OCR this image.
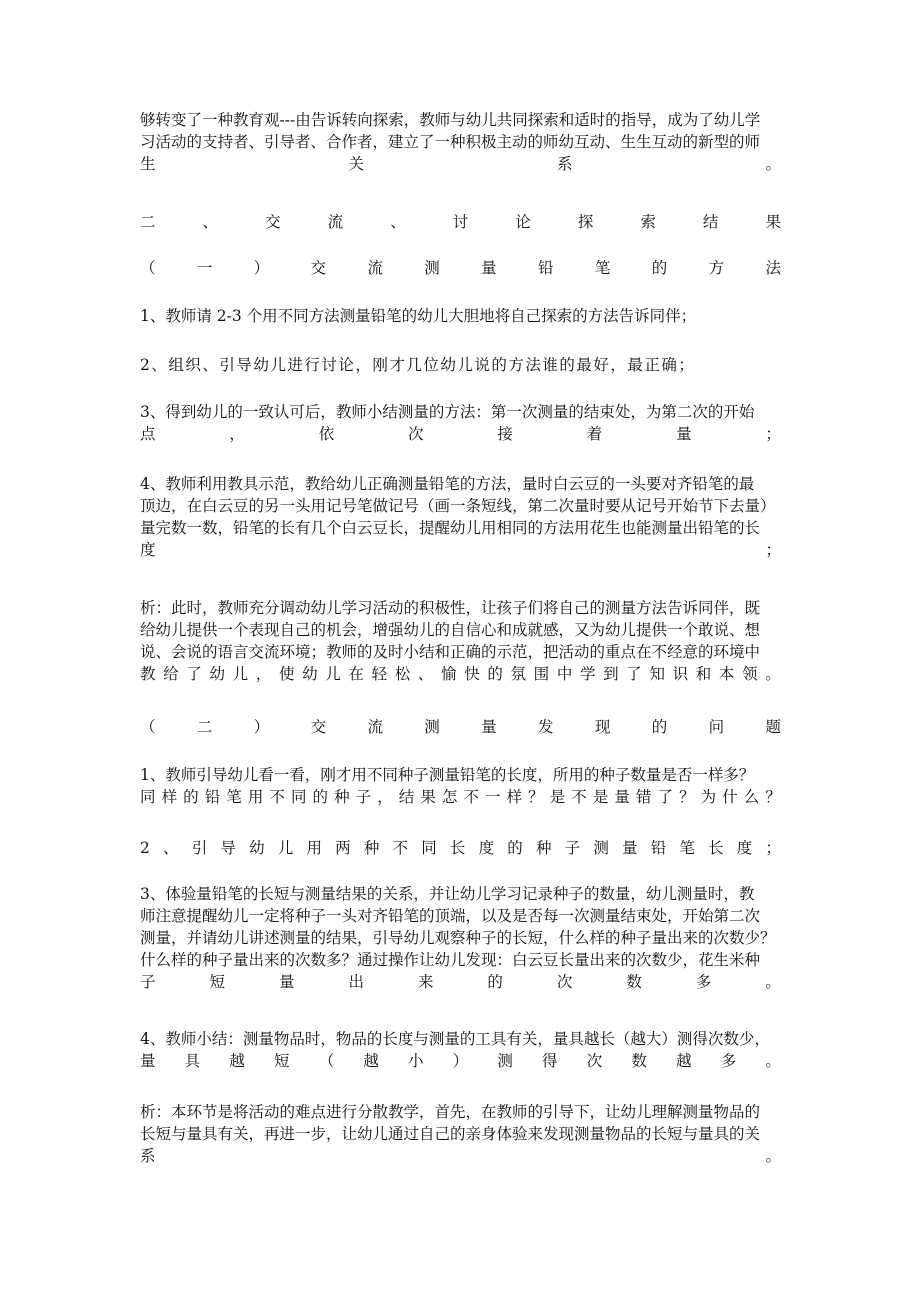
够转变了一种教育观---由告诉转向探索，教师与幼儿共同探索和适时的指导，成为了幼儿学
习活动的支持者、引导者、合作者，建立了一种积极主动的师幼互动、生生互动的新型的师
生	关	系	。
二	、	交	流	、	讨	论	探	索	结	果
（	一	）	交	流	测	量	铅	笔	的	方	法
1、教师请 2-3 个用不同方法测量铅笔的幼儿大胆地将自己探索的方法告诉同伴；
2、组织、引导幼儿进行讨论，刚才几位幼儿说的方法谁的最好，最正确；
3、得到幼儿的一致认可后，教师小结测量的方法：第一次测量的结束处，为第二次的开始
点	，	依	次	接	着	量	；
4、教师利用教具示范，教给幼儿正确测量铅笔的方法，量时白云豆的一头要对齐铅笔的最
顶边，在白云豆的另一头用记号笔做记号（画一条短线，第二次量时要从记号开始节下去量）
量完数一数，铅笔的长有几个白云豆长，提醒幼儿用相同的方法用花生也能测量出铅笔的长
度	；
析：此时，教师充分调动幼儿学习活动的积极性，让孩子们将自己的测量方法告诉同伴，既
给幼儿提供一个表现自己的机会，增强幼儿的自信心和成就感，又为幼儿提供一个敢说、想
说、会说的语言交流环境；教师的及时小结和正确的示范，把活动的重点在不经意的环境中
教 给 了 幼 儿 ， 使 幼 儿 在 轻 松 、 愉 快 的 氛 围 中 学 到 了 知 识 和 本 领 。
（	二	）	交	流	测	量	发	现	的	问	题
1、教师引导幼儿看一看，刚才用不同种子测量铅笔的长度，所用的种子数量是否一样多？
同 样 的 铅 笔 用 不 同 的 种 子 ， 结 果 怎 不 一 样 ？ 是 不 是 量 错 了 ？ 为 什 么 ？
2 、 引 导 幼 儿 用 两 种 不 同 长 度 的 种 子 测 量 铅 笔 长 度 ；
3、体验量铅笔的长短与测量结果的关系，并让幼儿学习记录种子的数量，幼儿测量时，教
师注意提醒幼儿一定将种子一头对齐铅笔的顶端，以及是否每一次测量结束处，开始第二次
测量，并请幼儿讲述测量的结果，引导幼儿观察种子的长短，什么样的种子量出来的次数少？
什么样的种子量出来的次数多？通过操作让幼儿发现：白云豆长量出来的次数少，花生米种
子	短	量	出	来	的	次	数	多	。
4、教师小结：测量物品时，物品的长度与测量的工具有关，量具越长（越大）测得次数少，
量 具 越 短 （ 越 小 ） 测 得 次 数 越 多 。
析：本环节是将活动的难点进行分散教学，首先，在教师的引导下，让幼儿理解测量物品的
长短与量具有关，再进一步，让幼儿通过自己的亲身体验来发现测量物品的长短与量具的关
系	。
